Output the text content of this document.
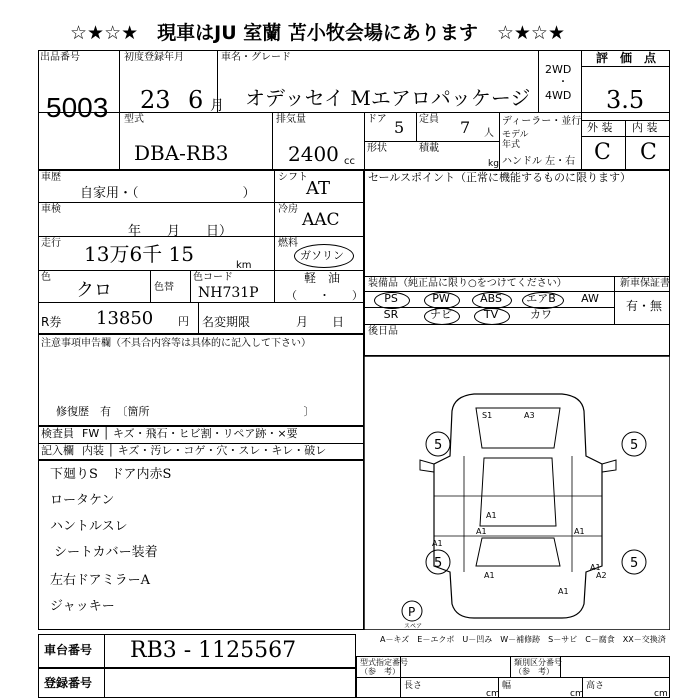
☆★☆★　現車はJU 室蘭 苫小牧会場にあります　☆★☆★
出品番号
5003
初度登録年月
23 6 月
車名・グレード
オデッセイ Mエアロパッケージ
2WD
・
4WD
評　価　点
3.5
型式
DBA-RB3
排気量
2400 cc
ドア 5 定員 7 人
形状	積載
kg
ディーラー・並行
モデル
年式
ハンドル 左・右
外 装 内 装
C C
車歴
自家用・（　　　　　　　　）
車検
年　　月　　日）
走行 13万6千 15	km
色
クロ	色替
色コード
NH731P
シフト
AT
冷房
AAC
燃料
ガソリン
軽　油
（　　・　　）
R券 13850 円 名変期限	月　　日
セールスポイント（正常に機能するものに限ります）
装備品（純正品に限り○をつけてください）	新車保証書
有・無
後日品
PS	PW	ABS	エアB	AW
SR	ナビ	TV	カワ
注意事項申告欄（不具合内容等は具体的に記入して下さい）
修復歴　有　〔箇所　　　　　　　　　　　　　　〕
検査員 FW │ キズ・飛石・ヒビ割・リペア跡・×要
記入欄 内装 │ キズ・汚レ・コゲ・穴・スレ・キレ・破レ
下廻りS　ドア内赤S
ロータケン
ハントルスレ
シートカバー装着
左右ドアミラーA
ジャッキー
5	5
5	5
S1	A3
A1
A1
A1
A1
A1
A1
A2
A1
P
スペア
A－キズ　E－エクボ　U－凹み　W－補修跡　S－サビ　C－腐食　XX－交換済
車台番号 RB3 - 1125567
登録番号
型式指定番号
（参　考）
類別区分番号
（参　考）
長さ
cm
幅
cm
高さ
cm
